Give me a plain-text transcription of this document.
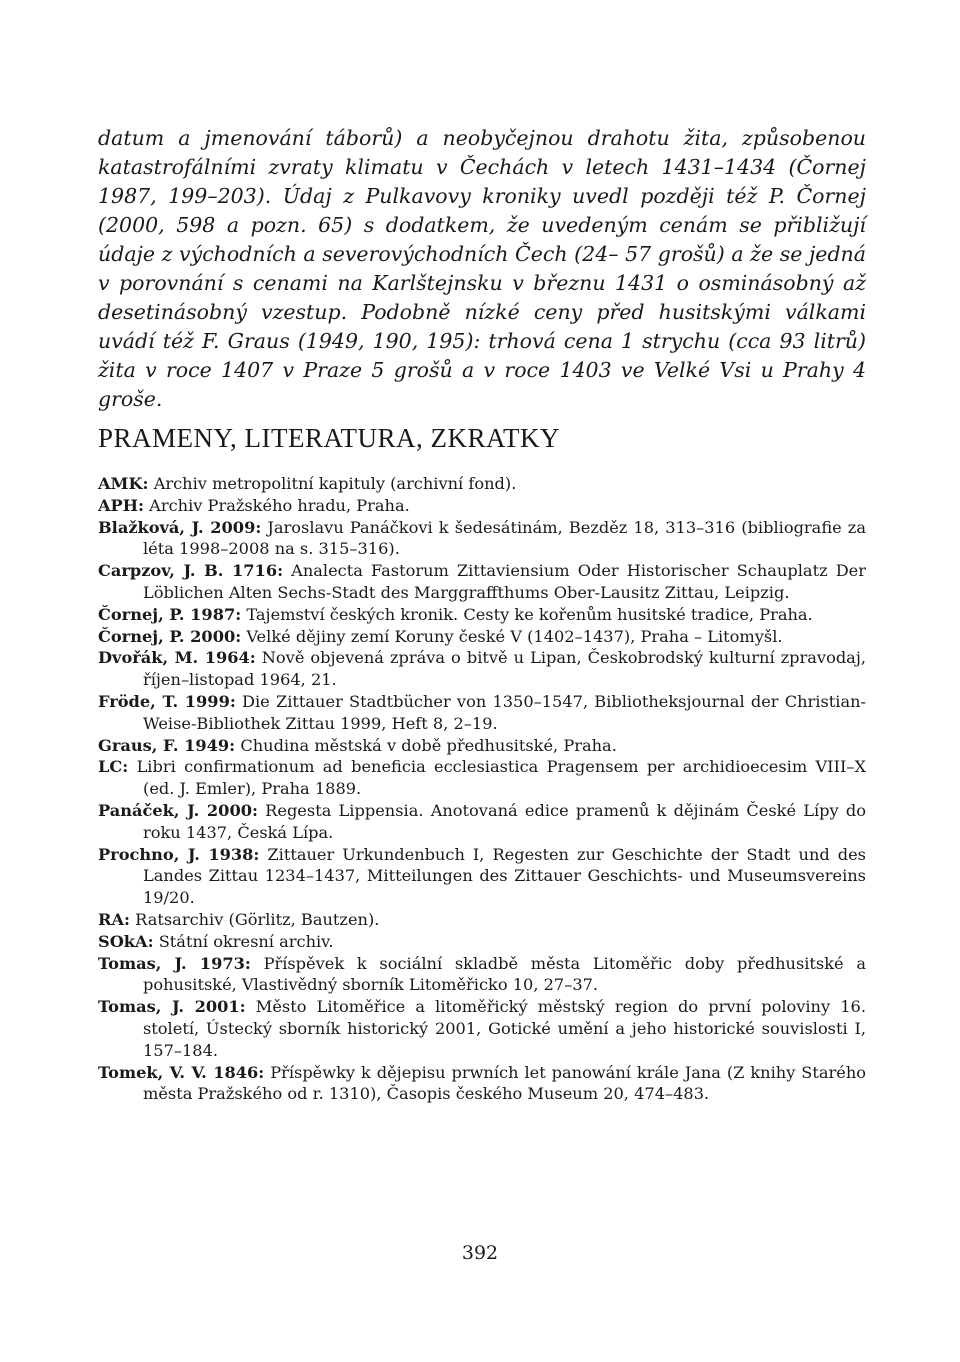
datum a jmenování táborů) a neobyčejnou drahotu žita, způsobenou katastrofálními zvraty klimatu v Čechách v letech 1431–1434 (Čornej 1987, 199–203). Údaj z Pulkavovy kroniky uvedl později též P. Čornej (2000, 598 a pozn. 65) s dodatkem, že uvedeným cenám se přibližují údaje z východních a severovýchodních Čech (24– 57 grošů) a že se jedná v porovnání s cenami na Karlštejnsku v březnu 1431 o osminásobný až desetinásobný vzestup. Podobně nízké ceny před husitskými válkami uvádí též F. Graus (1949, 190, 195): trhová cena 1 strychu (cca 93 litrů) žita v roce 1407 v Praze 5 grošů a v roce 1403 ve Velké Vsi u Prahy 4 groše.

PRAMENY, LITERATURA, ZKRATKY

AMK: Archiv metropolitní kapituly (archivní fond).

APH: Archiv Pražského hradu, Praha.

Blažková, J. 2009: Jaroslavu Panáčkovi k šedesátinám, Bezděz 18, 313–316 (bibliografie za léta 1998–2008 na s. 315–316).

Carpzov, J. B. 1716: Analecta Fastorum Zittaviensium Oder Historischer Schauplatz Der Löblichen Alten Sechs-Stadt des Marggraffthums Ober-Lausitz Zittau, Leipzig.

Čornej, P. 1987: Tajemství českých kronik. Cesty ke kořenům husitské tradice, Praha.

Čornej, P. 2000: Velké dějiny zemí Koruny české V (1402–1437), Praha – Litomyšl.

Dvořák, M. 1964: Nově objevená zpráva o bitvě u Lipan, Českobrodský kulturní zpravodaj, říjen–listopad 1964, 21.

Fröde, T. 1999: Die Zittauer Stadtbücher von 1350–1547, Bibliotheksjournal der Christian-Weise-Bibliothek Zittau 1999, Heft 8, 2–19.

Graus, F. 1949: Chudina městská v době předhusitské, Praha.

LC: Libri confirmationum ad beneficia ecclesiastica Pragensem per archidioecesim VIII–X (ed. J. Emler), Praha 1889.

Panáček, J. 2000: Regesta Lippensia. Anotovaná edice pramenů k dějinám České Lípy do roku 1437, Česká Lípa.

Prochno, J. 1938: Zittauer Urkundenbuch I, Regesten zur Geschichte der Stadt und des Landes Zittau 1234–1437, Mitteilungen des Zittauer Geschichts- und Museumsvereins 19/20.

RA: Ratsarchiv (Görlitz, Bautzen).

SOkA: Státní okresní archiv.

Tomas, J. 1973: Příspěvek k sociální skladbě města Litoměřic doby předhusitské a pohusitské, Vlastivědný sborník Litoměřicko 10, 27–37.

Tomas, J. 2001: Město Litoměřice a litoměřický městský region do první poloviny 16. století, Ústecký sborník historický 2001, Gotické umění a jeho historické souvislosti I, 157–184.

Tomek, V. V. 1846: Příspěwky k dějepisu prwních let panowání krále Jana (Z knihy Starého města Pražského od r. 1310), Časopis českého Museum 20, 474–483.

392
